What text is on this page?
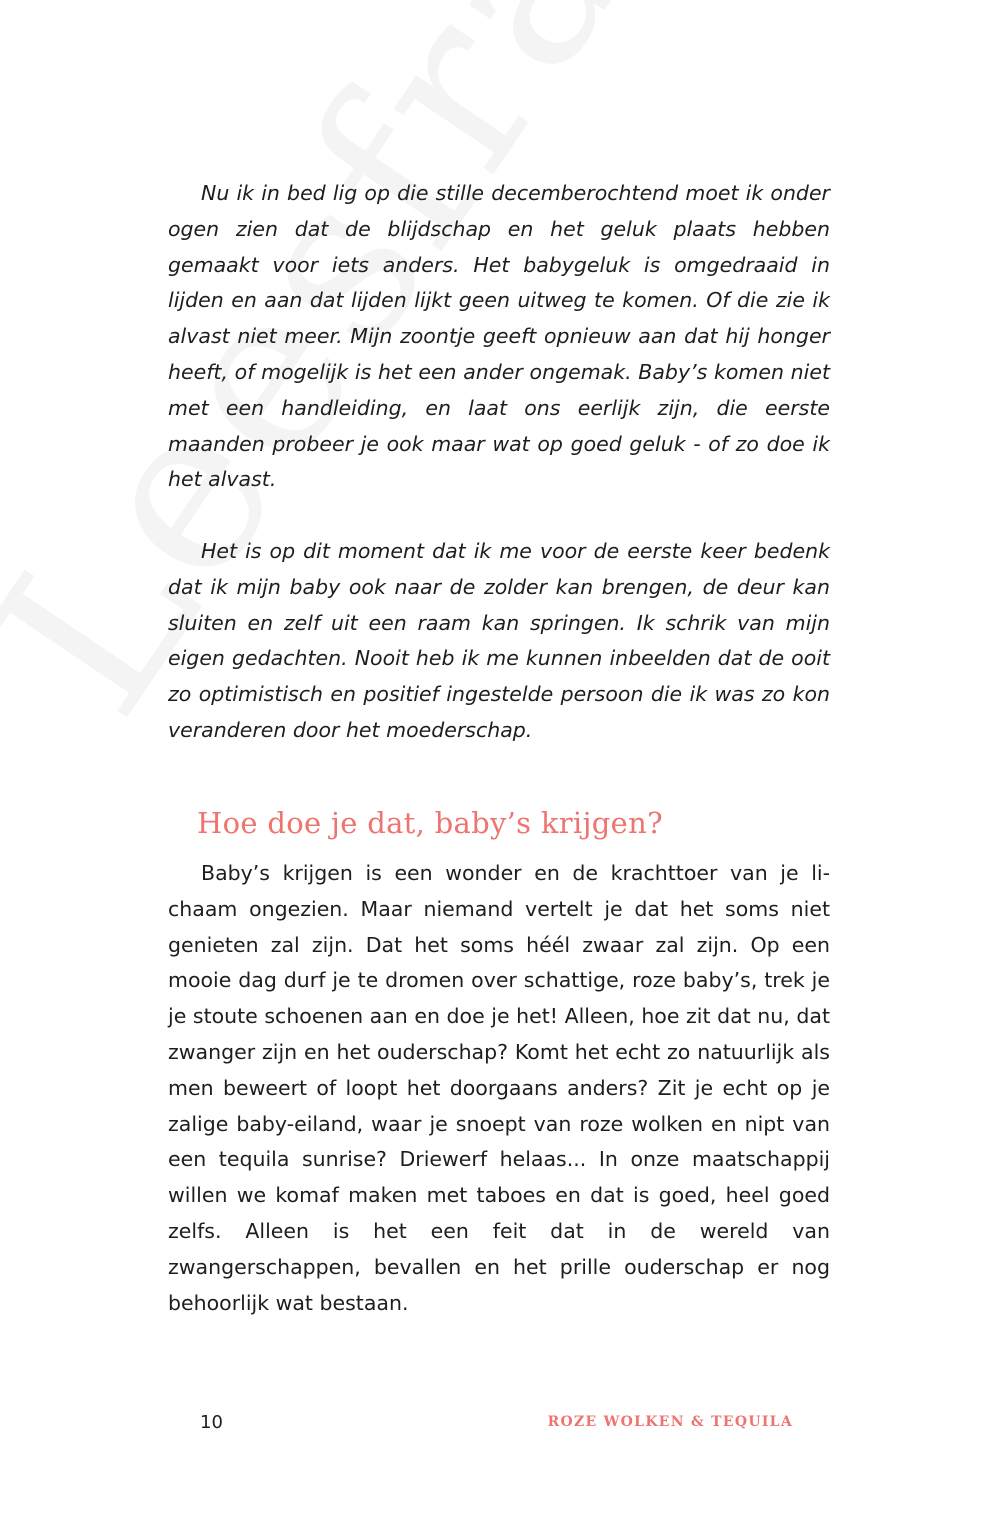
Nu ik in bed lig op die stille decemberochtend moet ik onder ogen zien dat de blijdschap en het geluk plaats hebben gemaakt voor iets anders. Het babygeluk is omgedraaid in lijden en aan dat lijden lijkt geen uitweg te komen. Of die zie ik alvast niet meer. Mijn zoontje geeft opnieuw aan dat hij honger heeft, of mogelijk is het een ander ongemak. Baby’s komen niet met een handleiding, en laat ons eerlijk zijn, die eerste maanden probeer je ook maar wat op goed geluk - of zo doe ik het alvast.

Het is op dit moment dat ik me voor de eerste keer bedenk dat ik mijn baby ook naar de zolder kan brengen, de deur kan sluiten en zelf uit een raam kan springen. Ik schrik van mijn eigen gedachten. Nooit heb ik me kunnen inbeelden dat de ooit zo optimistisch en positief ingestelde persoon die ik was zo kon veranderen door het moederschap.

Hoe doe je dat, baby’s krijgen?

Baby’s krijgen is een wonder en de krachttoer van je lichaam ongezien. Maar niemand vertelt je dat het soms niet genieten zal zijn. Dat het soms héél zwaar zal zijn. Op een mooie dag durf je te dromen over schattige, roze baby’s, trek je je stoute schoenen aan en doe je het! Alleen, hoe zit dat nu, dat zwanger zijn en het ouderschap? Komt het echt zo natuurlijk als men beweert of loopt het doorgaans anders? Zit je echt op je zalige baby-eiland, waar je snoept van roze wolken en nipt van een tequila sunrise? Driewerf helaas... In onze maatschappij willen we komaf maken met taboes en dat is goed, heel goed zelfs. Alleen is het een feit dat in de wereld van zwangerschappen, bevallen en het prille ouderschap er nog behoorlijk wat bestaan.

10	ROZE WOLKEN & TEQUILA
